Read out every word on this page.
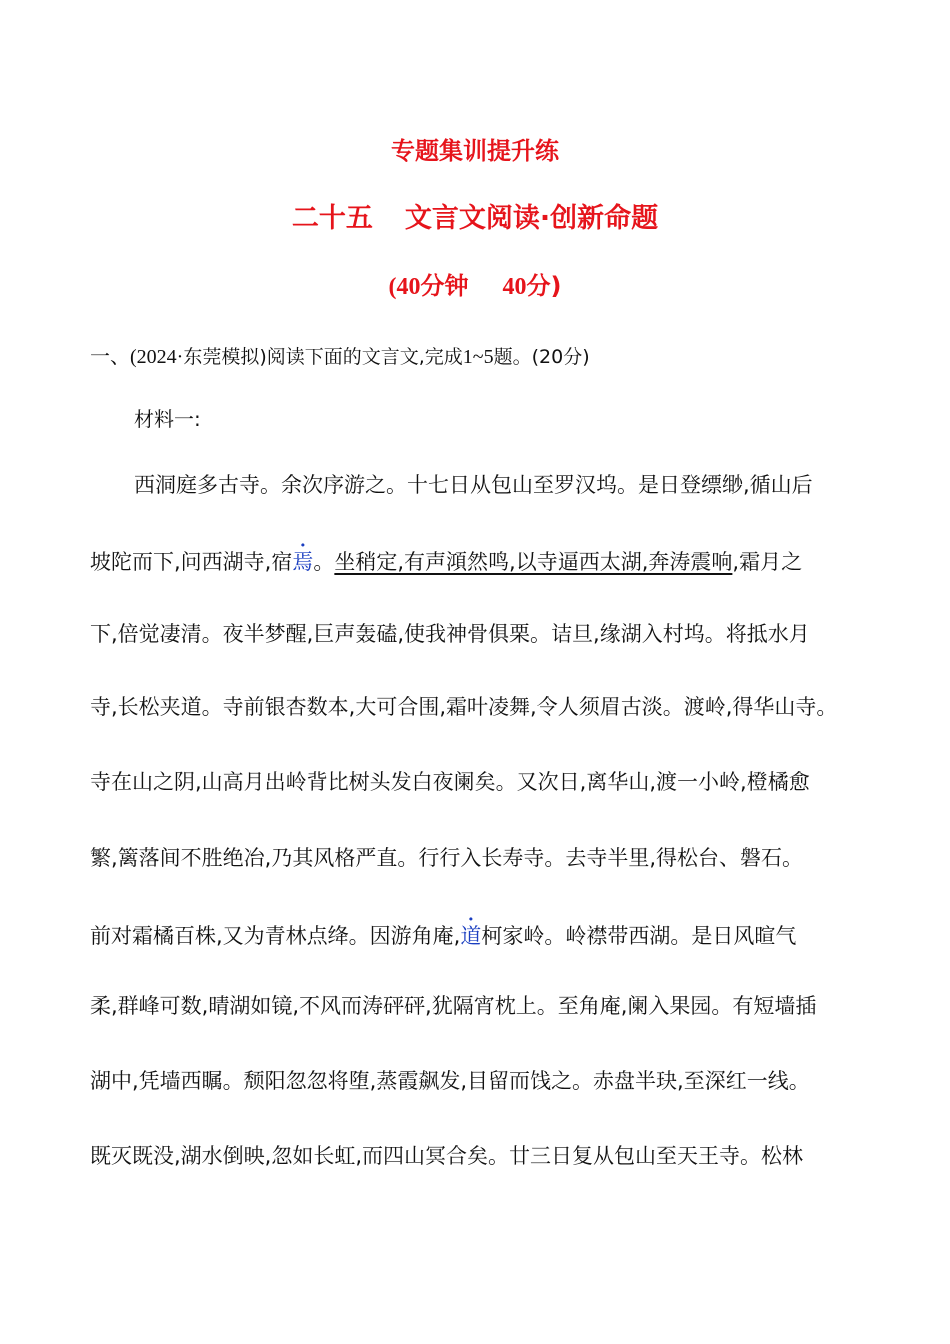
专题集训提升练
二十五 文言文阅读·创新命题
(40分钟 40分)
一、(2024·东莞模拟)阅读下面的文言文,完成1~5题。(20分)
材料一:
西洞庭多古寺。余次序游之。十七日从包山至罗汉坞。是日登缥缈,循山后
坡陀而下,问西湖寺,宿焉。坐稍定,有声澒然鸣,以寺逼西太湖,奔涛震响,霜月之
下,倍觉凄清。夜半梦醒,巨声轰磕,使我神骨俱栗。诘旦,缘湖入村坞。将抵水月
寺,长松夹道。寺前银杏数本,大可合围,霜叶凌舞,令人须眉古淡。渡岭,得华山寺。
寺在山之阴,山高月出岭背比树头发白夜阑矣。又次日,离华山,渡一小岭,橙橘愈
繁,篱落间不胜绝冶,乃其风格严直。行行入长寿寺。去寺半里,得松台、磐石。
前对霜橘百株,又为青林点绛。因游角庵,道柯家岭。岭襟带西湖。是日风暄气
柔,群峰可数,晴湖如镜,不风而涛砰砰,犹隔宵枕上。至角庵,阑入果园。有短墙插
湖中,凭墙西瞩。颓阳忽忽将堕,蒸霞飙发,目留而饯之。赤盘半玦,至深红一线。
既灭既没,湖水倒映,忽如长虹,而四山冥合矣。廿三日复从包山至天王寺。松林
